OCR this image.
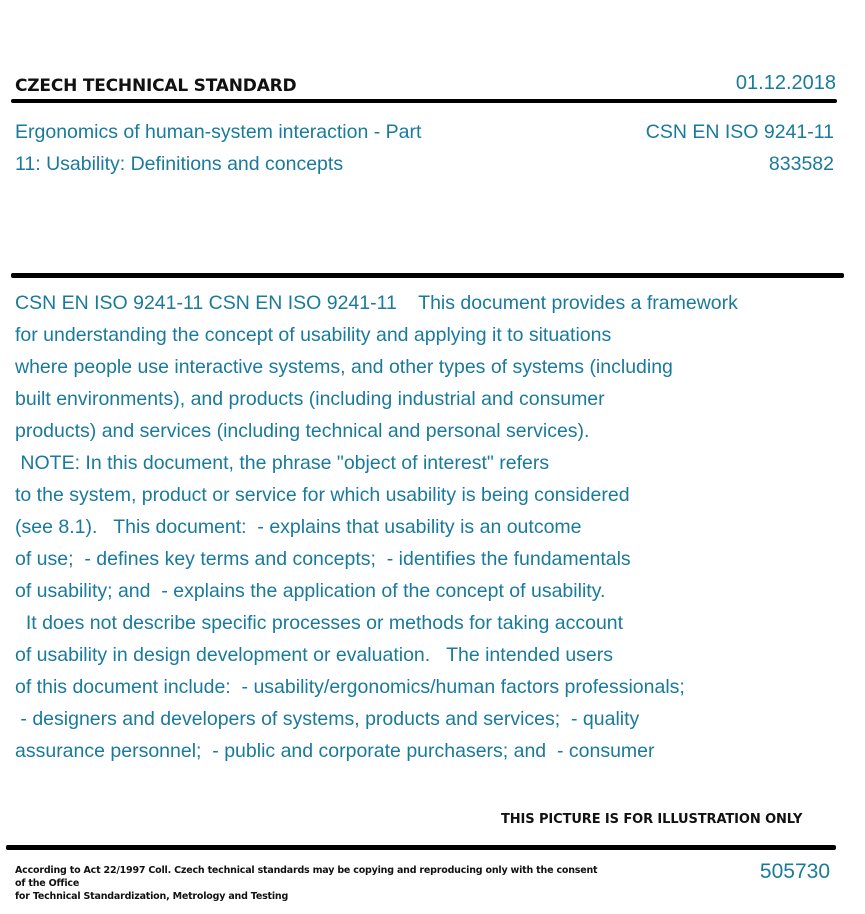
CZECH TECHNICAL STANDARD	01.12.2018
Ergonomics of human-system interaction - Part
11: Usability: Definitions and concepts
CSN EN ISO 9241-11
833582
CSN EN ISO 9241-11 CSN EN ISO 9241-11    This document provides a framework
for understanding the concept of usability and applying it to situations
where people use interactive systems, and other types of systems (including
built environments), and products (including industrial and consumer
products) and services (including technical and personal services).
NOTE: In this document, the phrase "object of interest" refers
to the system, product or service for which usability is being considered
(see 8.1).   This document:  - explains that usability is an outcome
of use;  - defines key terms and concepts;  - identifies the fundamentals
of usability; and  - explains the application of the concept of usability.
It does not describe specific processes or methods for taking account
of usability in design development or evaluation.   The intended users
of this document include:  - usability/ergonomics/human factors professionals;
- designers and developers of systems, products and services;  - quality
assurance personnel;  - public and corporate purchasers; and  - consumer
THIS PICTURE IS FOR ILLUSTRATION ONLY
According to Act 22/1997 Coll. Czech technical standards may be copying and reproducing only with the consent of the Office
for Technical Standardization, Metrology and Testing
505730
